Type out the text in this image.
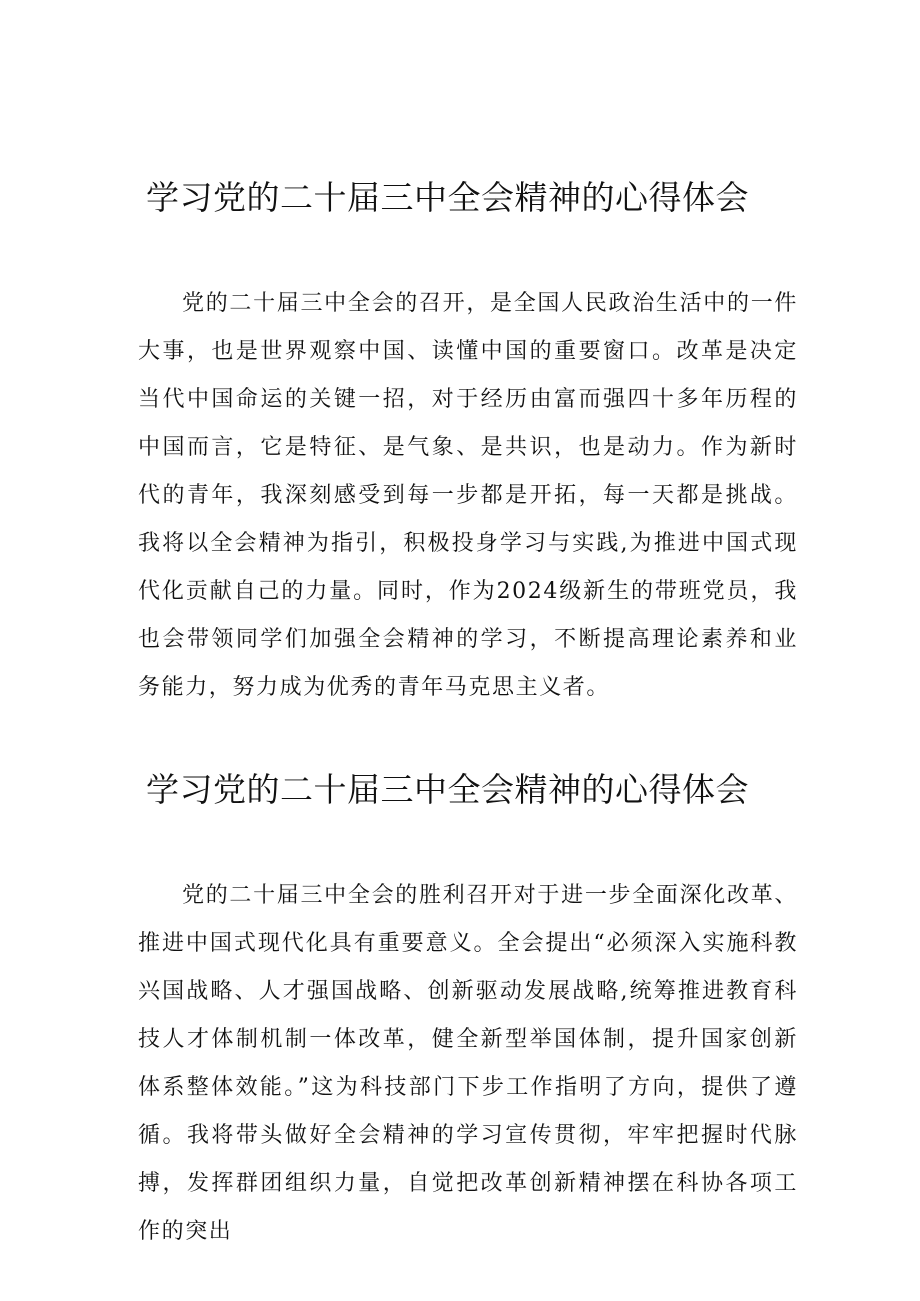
学习党的二十届三中全会精神的心得体会

党的二十届三中全会的召开，是全国人民政治生活中的一件大事，也是世界观察中国、读懂中国的重要窗口。改革是决定当代中国命运的关键一招，对于经历由富而强四十多年历程的中国而言，它是特征、是气象、是共识，也是动力。作为新时代的青年，我深刻感受到每一步都是开拓，每一天都是挑战。我将以全会精神为指引，积极投身学习与实践,为推进中国式现代化贡献自己的力量。同时，作为2024级新生的带班党员，我也会带领同学们加强全会精神的学习，不断提高理论素养和业务能力，努力成为优秀的青年马克思主义者。

学习党的二十届三中全会精神的心得体会

党的二十届三中全会的胜利召开对于进一步全面深化改革、推进中国式现代化具有重要意义。全会提出“必须深入实施科教兴国战略、人才强国战略、创新驱动发展战略,统筹推进教育科技人才体制机制一体改革，健全新型举国体制，提升国家创新体系整体效能。”这为科技部门下步工作指明了方向，提供了遵循。我将带头做好全会精神的学习宣传贯彻，牢牢把握时代脉搏，发挥群团组织力量，自觉把改革创新精神摆在科协各项工作的突出
